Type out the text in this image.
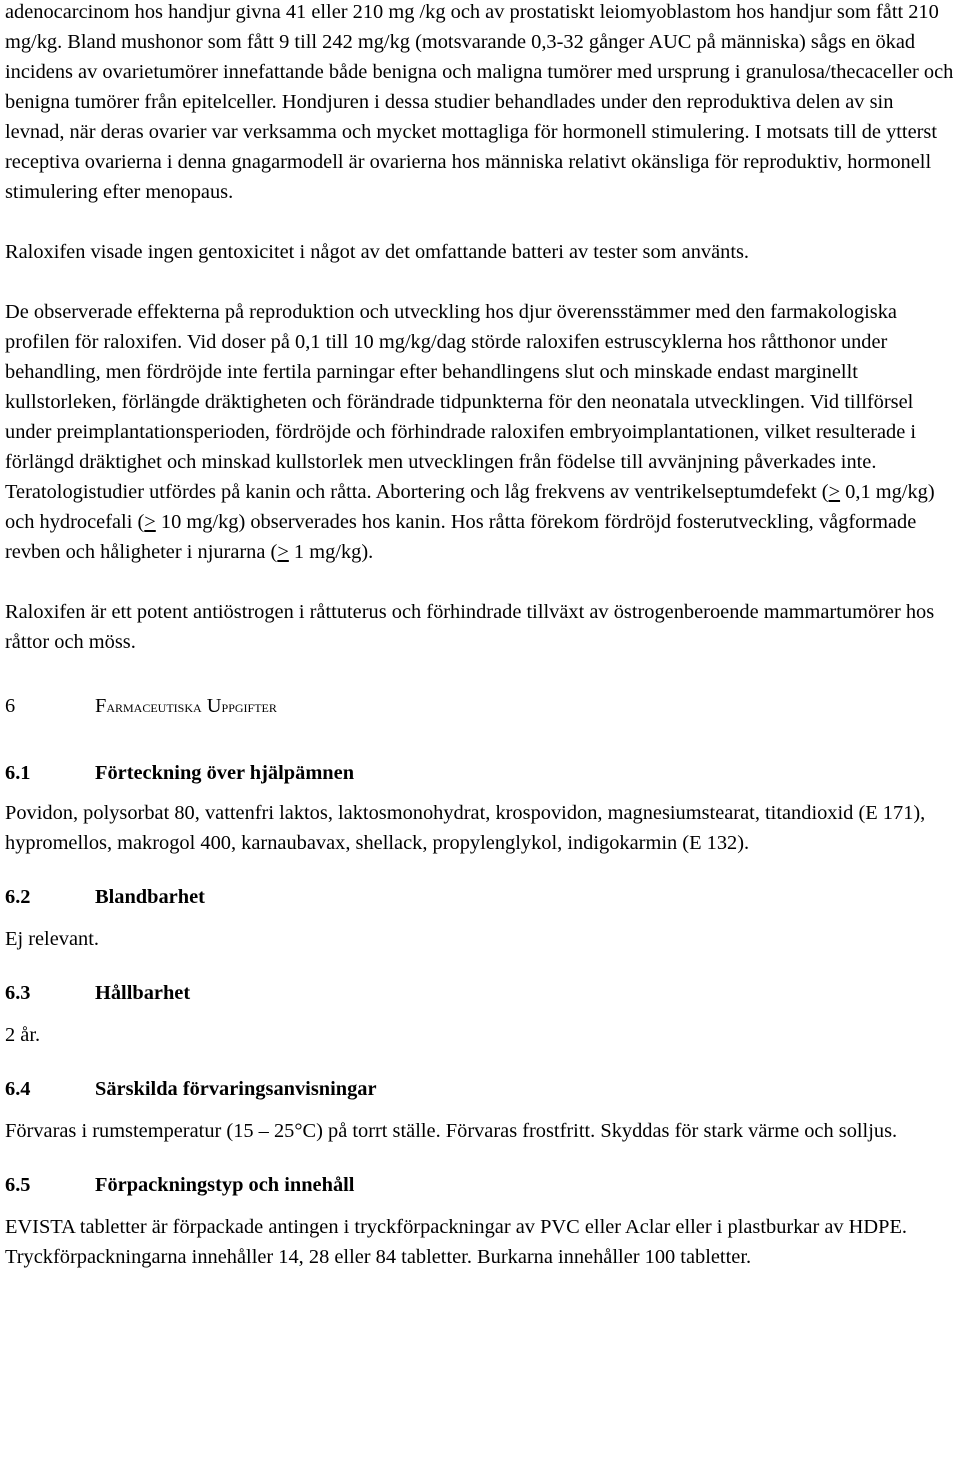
adenocarcinom hos handjur givna 41 eller 210 mg /kg och av prostatiskt leiomyoblastom hos handjur som fått 210 mg/kg. Bland mushonor som fått 9 till 242 mg/kg (motsvarande 0,3-32 gånger AUC på människa) sågs en ökad incidens av ovarietumörer innefattande både benigna och maligna tumörer med ursprung i granulosa/thecaceller och benigna tumörer från epitelceller. Hondjuren i dessa studier behandlades under den reproduktiva delen av sin levnad, när deras ovarier var verksamma och mycket mottagliga för hormonell stimulering. I motsats till de ytterst receptiva ovarierna i denna gnagarmodell är ovarierna hos människa relativt okänsliga för reproduktiv, hormonell stimulering efter menopaus.

Raloxifen visade ingen gentoxicitet i något av det omfattande batteri av tester som använts.

De observerade effekterna på reproduktion och utveckling hos djur överensstämmer med den farmakologiska profilen för raloxifen. Vid doser på 0,1 till 10 mg/kg/dag störde raloxifen estruscyklerna hos råtthonor under behandling, men fördröjde inte fertila parningar efter behandlingens slut och minskade endast marginellt kullstorleken, förlängde dräktigheten och förändrade tidpunkterna för den neonatala utvecklingen. Vid tillförsel under preimplantationsperioden, fördröjde och förhindrade raloxifen embryoimplantationen, vilket resulterade i förlängd dräktighet och minskad kullstorlek men utvecklingen från födelse till avvänjning påverkades inte. Teratologistudier utfördes på kanin och råtta. Abortering och låg frekvens av ventrikelseptumdefekt (≥ 0,1 mg/kg) och hydrocefali (≥ 10 mg/kg) observerades hos kanin. Hos råtta förekom fördröjd fosterutveckling, vågformade revben och håligheter i njurarna (≥ 1 mg/kg).

Raloxifen är ett potent antiöstrogen i råttuterus och förhindrade tillväxt av östrogenberoende mammartumörer hos råttor och möss.

6	Farmaceutiska Uppgifter
6.1	Förteckning över hjälpämnen

Povidon, polysorbat 80, vattenfri laktos, laktosmonohydrat, krospovidon, magnesiumstearat, titandioxid (E 171), hypromellos, makrogol 400, karnaubavax, shellack, propylenglykol, indigokarmin (E 132).

6.2	Blandbarhet

Ej relevant.

6.3	Hållbarhet

2 år.

6.4	Särskilda förvaringsanvisningar

Förvaras i rumstemperatur (15 – 25°C) på torrt ställe. Förvaras frostfritt. Skyddas för stark värme och solljus.

6.5	Förpackningstyp och innehåll

EVISTA tabletter är förpackade antingen i tryckförpackningar av PVC eller Aclar eller i plastburkar av HDPE. Tryckförpackningarna innehåller 14, 28 eller 84 tabletter. Burkarna innehåller 100 tabletter.
